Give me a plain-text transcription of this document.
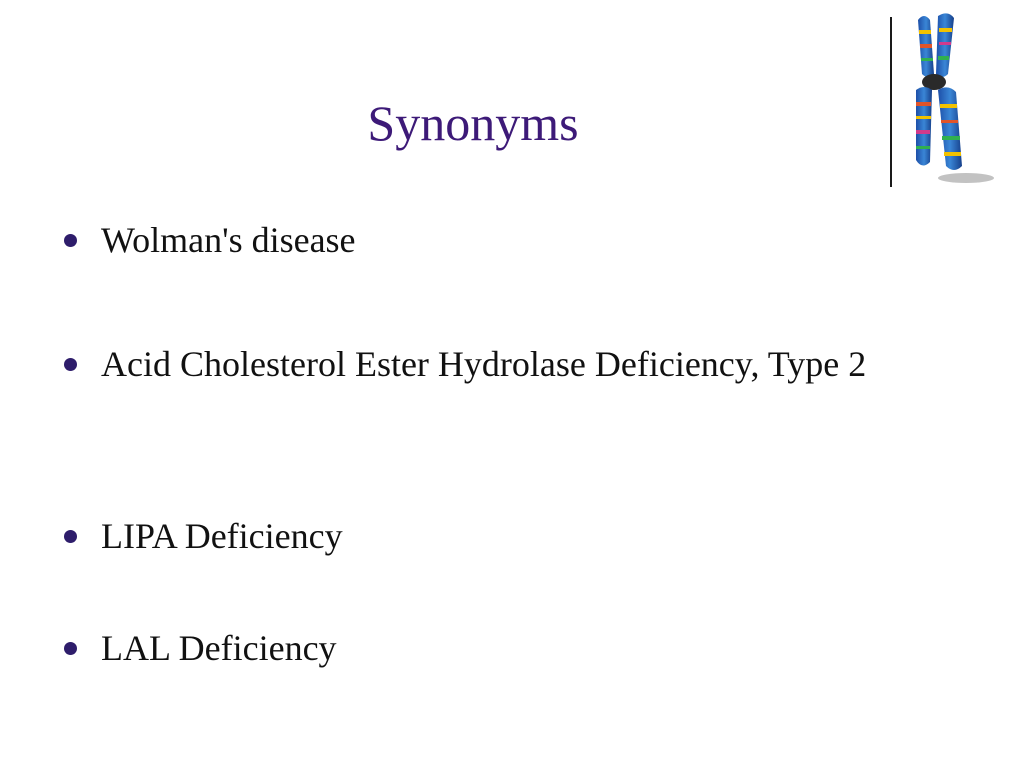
Synonyms
Wolman's disease
Acid Cholesterol Ester Hydrolase Deficiency, Type 2
LIPA Deficiency
LAL Deficiency
